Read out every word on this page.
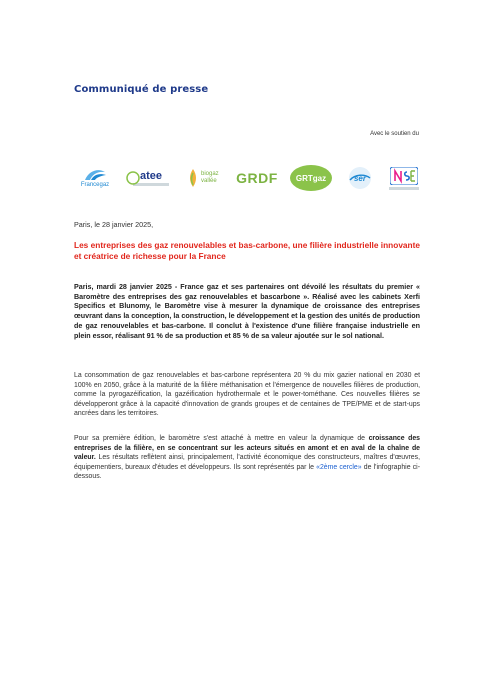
Communiqué de presse
Avec le soutien du
Francegaz
atee	biogaz vallée	GRDF GRTgaz	ser
Paris, le 28 janvier 2025,
Les entreprises des gaz renouvelables et bas-carbone, une filière industrielle innovante et créatrice de richesse pour la France
Paris, mardi 28 janvier 2025 - France gaz et ses partenaires ont dévoilé les résultats du premier « Baromètre des entreprises des gaz renouvelables et bascarbone ». Réalisé avec les cabinets Xerfi Specifics et Blunomy, le Baromètre vise à mesurer la dynamique de croissance des entreprises œuvrant dans la conception, la construction, le développement et la gestion des unités de production de gaz renouvelables et bas-carbone. Il conclut à l'existence d'une filière française industrielle en plein essor, réalisant 91 % de sa production et 85 % de sa valeur ajoutée sur le sol national.
La consommation de gaz renouvelables et bas-carbone représentera 20 % du mix gazier national en 2030 et 100% en 2050, grâce à la maturité de la filière méthanisation et l'émergence de nouvelles filières de production, comme la pyrogazéification, la gazéification hydrothermale et le power-tométhane. Ces nouvelles filières se développeront grâce à la capacité d'innovation de grands groupes et de centaines de TPE/PME et de start-ups ancrées dans les territoires.
Pour sa première édition, le baromètre s'est attaché à mettre en valeur la dynamique de croissance des entreprises de la filière, en se concentrant sur les acteurs situés en amont et en aval de la chaîne de valeur. Les résultats reflètent ainsi, principalement, l'activité économique des constructeurs, maîtres d'œuvres, équipementiers, bureaux d'études et développeurs. Ils sont représentés par le «2ème cercle» de l'infographie ci-dessous.
